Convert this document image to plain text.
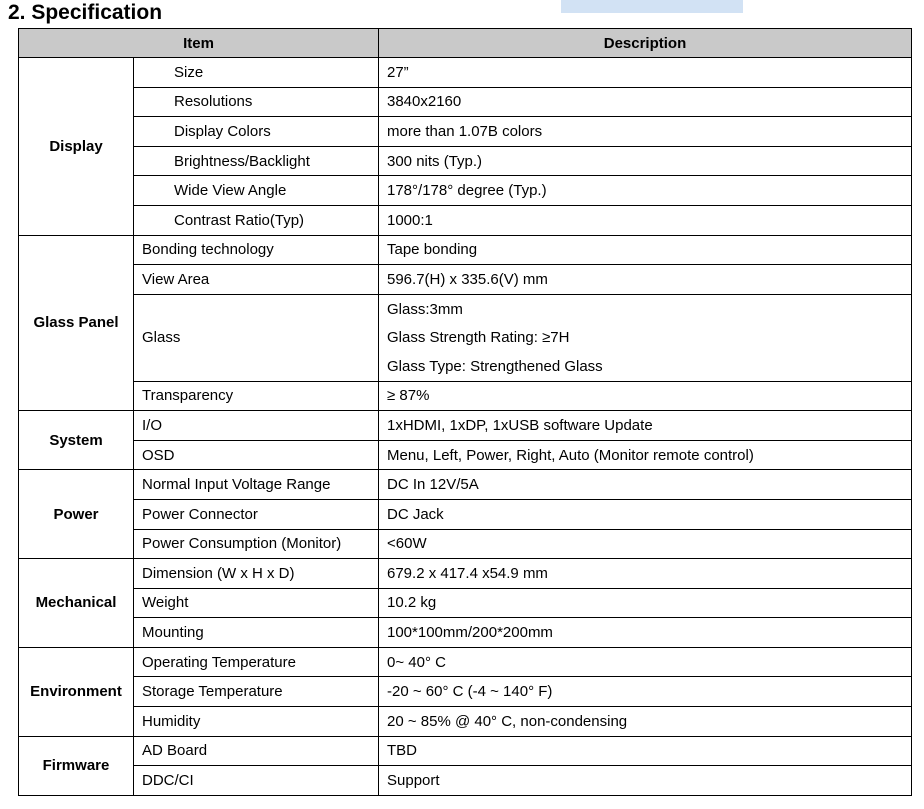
2. Specification
Item		Description
Display	Size	27”
	Resolutions	3840x2160
	Display Colors	more than 1.07B colors
	Brightness/Backlight	300 nits (Typ.)
	Wide View Angle	178°/178° degree (Typ.)
	Contrast Ratio(Typ)	1000:1
Glass Panel	Bonding technology	Tape bonding
	View Area	596.7(H) x 335.6(V) mm
	Glass	Glass:3mm
		Glass Strength Rating: ≥7H
		Glass Type: Strengthened Glass
	Transparency	≥ 87%
System	I/O	1xHDMI, 1xDP, 1xUSB software Update
	OSD	Menu, Left, Power, Right, Auto (Monitor remote control)
Power	Normal Input Voltage Range	DC In 12V/5A
	Power Connector	DC Jack
	Power Consumption (Monitor)	<60W
Mechanical	Dimension (W x H x D)	679.2 x 417.4 x54.9 mm
	Weight	10.2 kg
	Mounting	100*100mm/200*200mm
Environment	Operating Temperature	0~ 40° C
	Storage Temperature	-20 ~ 60° C (-4 ~ 140° F)
	Humidity	20 ~ 85% @ 40° C, non-condensing
Firmware	AD Board	TBD
	DDC/CI	Support
